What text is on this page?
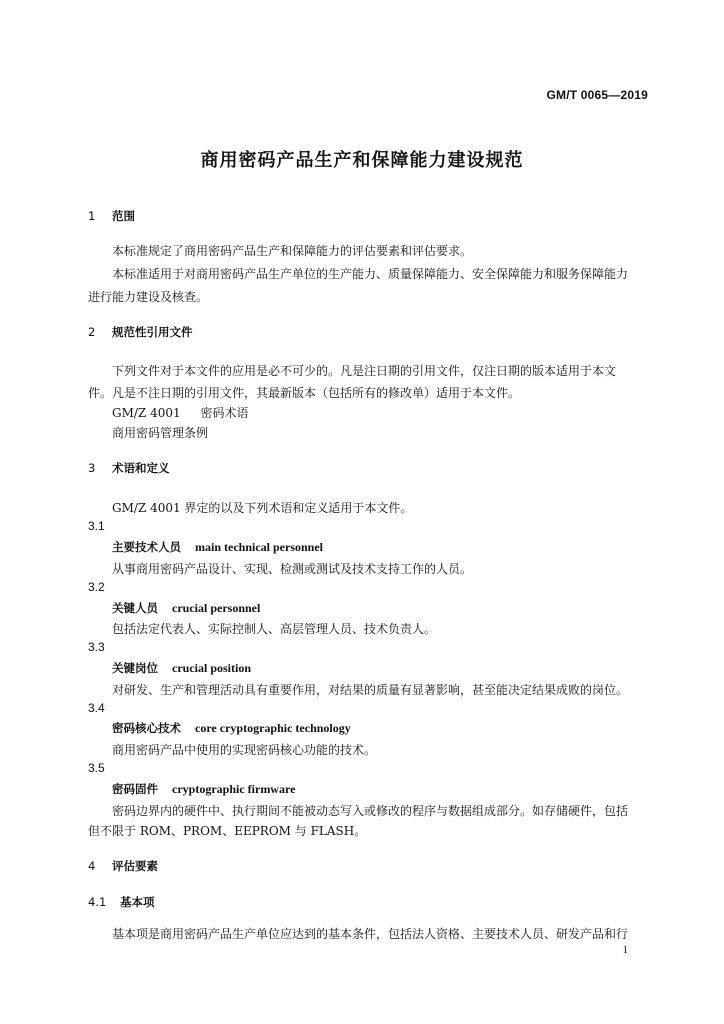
GM/T 0065—2019
商用密码产品生产和保障能力建设规范
1 范围
本标准规定了商用密码产品生产和保障能力的评估要素和评估要求。
本标准适用于对商用密码产品生产单位的生产能力、质量保障能力、安全保障能力和服务保障能力
进行能力建设及核查。
2 规范性引用文件
下列文件对于本文件的应用是必不可少的。凡是注日期的引用文件，仅注日期的版本适用于本文
件。凡是不注日期的引用文件，其最新版本（包括所有的修改单）适用于本文件。
GM/Z 4001 密码术语
商用密码管理条例
3 术语和定义
GM/Z 4001 界定的以及下列术语和定义适用于本文件。
3.1
主要技术人员 main technical personnel
从事商用密码产品设计、实现、检测或测试及技术支持工作的人员。
3.2
关键人员 crucial personnel
包括法定代表人、实际控制人、高层管理人员、技术负责人。
3.3
关键岗位 crucial position
对研发、生产和管理活动具有重要作用，对结果的质量有显著影响，甚至能决定结果成败的岗位。
3.4
密码核心技术 core cryptographic technology
商用密码产品中使用的实现密码核心功能的技术。
3.5
密码固件 cryptographic firmware
密码边界内的硬件中、执行期间不能被动态写入或修改的程序与数据组成部分。如存储硬件，包括
但不限于 ROM、PROM、EEPROM 与 FLASH。
4 评估要素
4.1 基本项
基本项是商用密码产品生产单位应达到的基本条件，包括法人资格、主要技术人员、研发产品和行
1
